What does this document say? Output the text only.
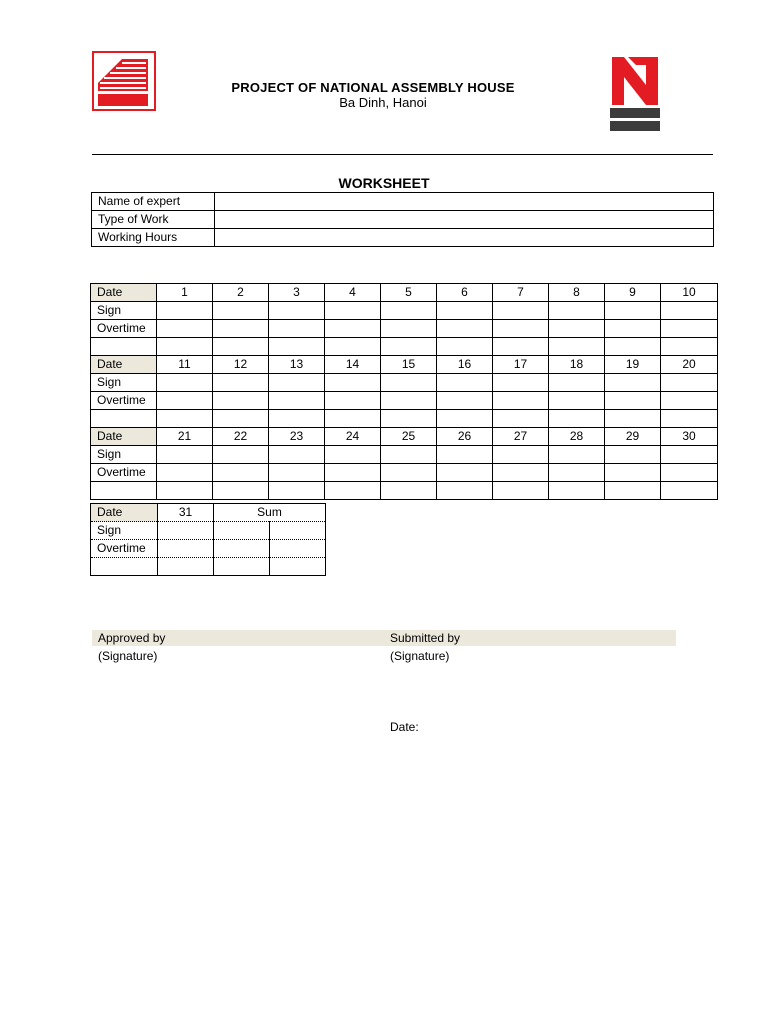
PROJECT OF NATIONAL ASSEMBLY HOUSE
Ba Dinh, Hanoi
WORKSHEET
Name of expert	
Type of Work	
Working Hours	
Date	1	2	3	4	5	6	7	8	9	10
Sign										
Overtime										

Date	11	12	13	14	15	16	17	18	19	20
Sign										
Overtime										

Date	21	22	23	24	25	26	27	28	29	30
Sign										
Overtime										

Date	31	Sum	
Sign			
Overtime			

Approved by	Submitted by
(Signature)	(Signature)
Date:
